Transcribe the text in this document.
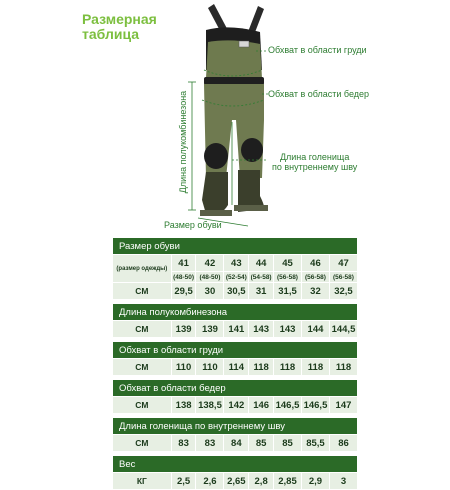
Размерная
таблица
Обхват в области груди
Обхват в области бедер
Длина голенища
по внутреннему шву
Размер обуви
Длина полукомбинезона
Размер обуви							
(размер одежды)	41	42	43	44	45	46	47
	(48-50)	(48-50)	(52-54)	(54-58)	(56-58)	(56-58)	(56-58)
СМ	29,5	30	30,5	31	31,5	32	32,5

Длина полукомбинезона							
СМ	139	139	141	143	143	144	144,5

Обхват в области груди							
СМ	110	110	114	118	118	118	118

Обхват в области бедер							
СМ	138	138,5	142	146	146,5	146,5	147

Длина голенища по внутреннему шву							
СМ	83	83	84	85	85	85,5	86

Вес							
КГ	2,5	2,6	2,65	2,8	2,85	2,9	3
